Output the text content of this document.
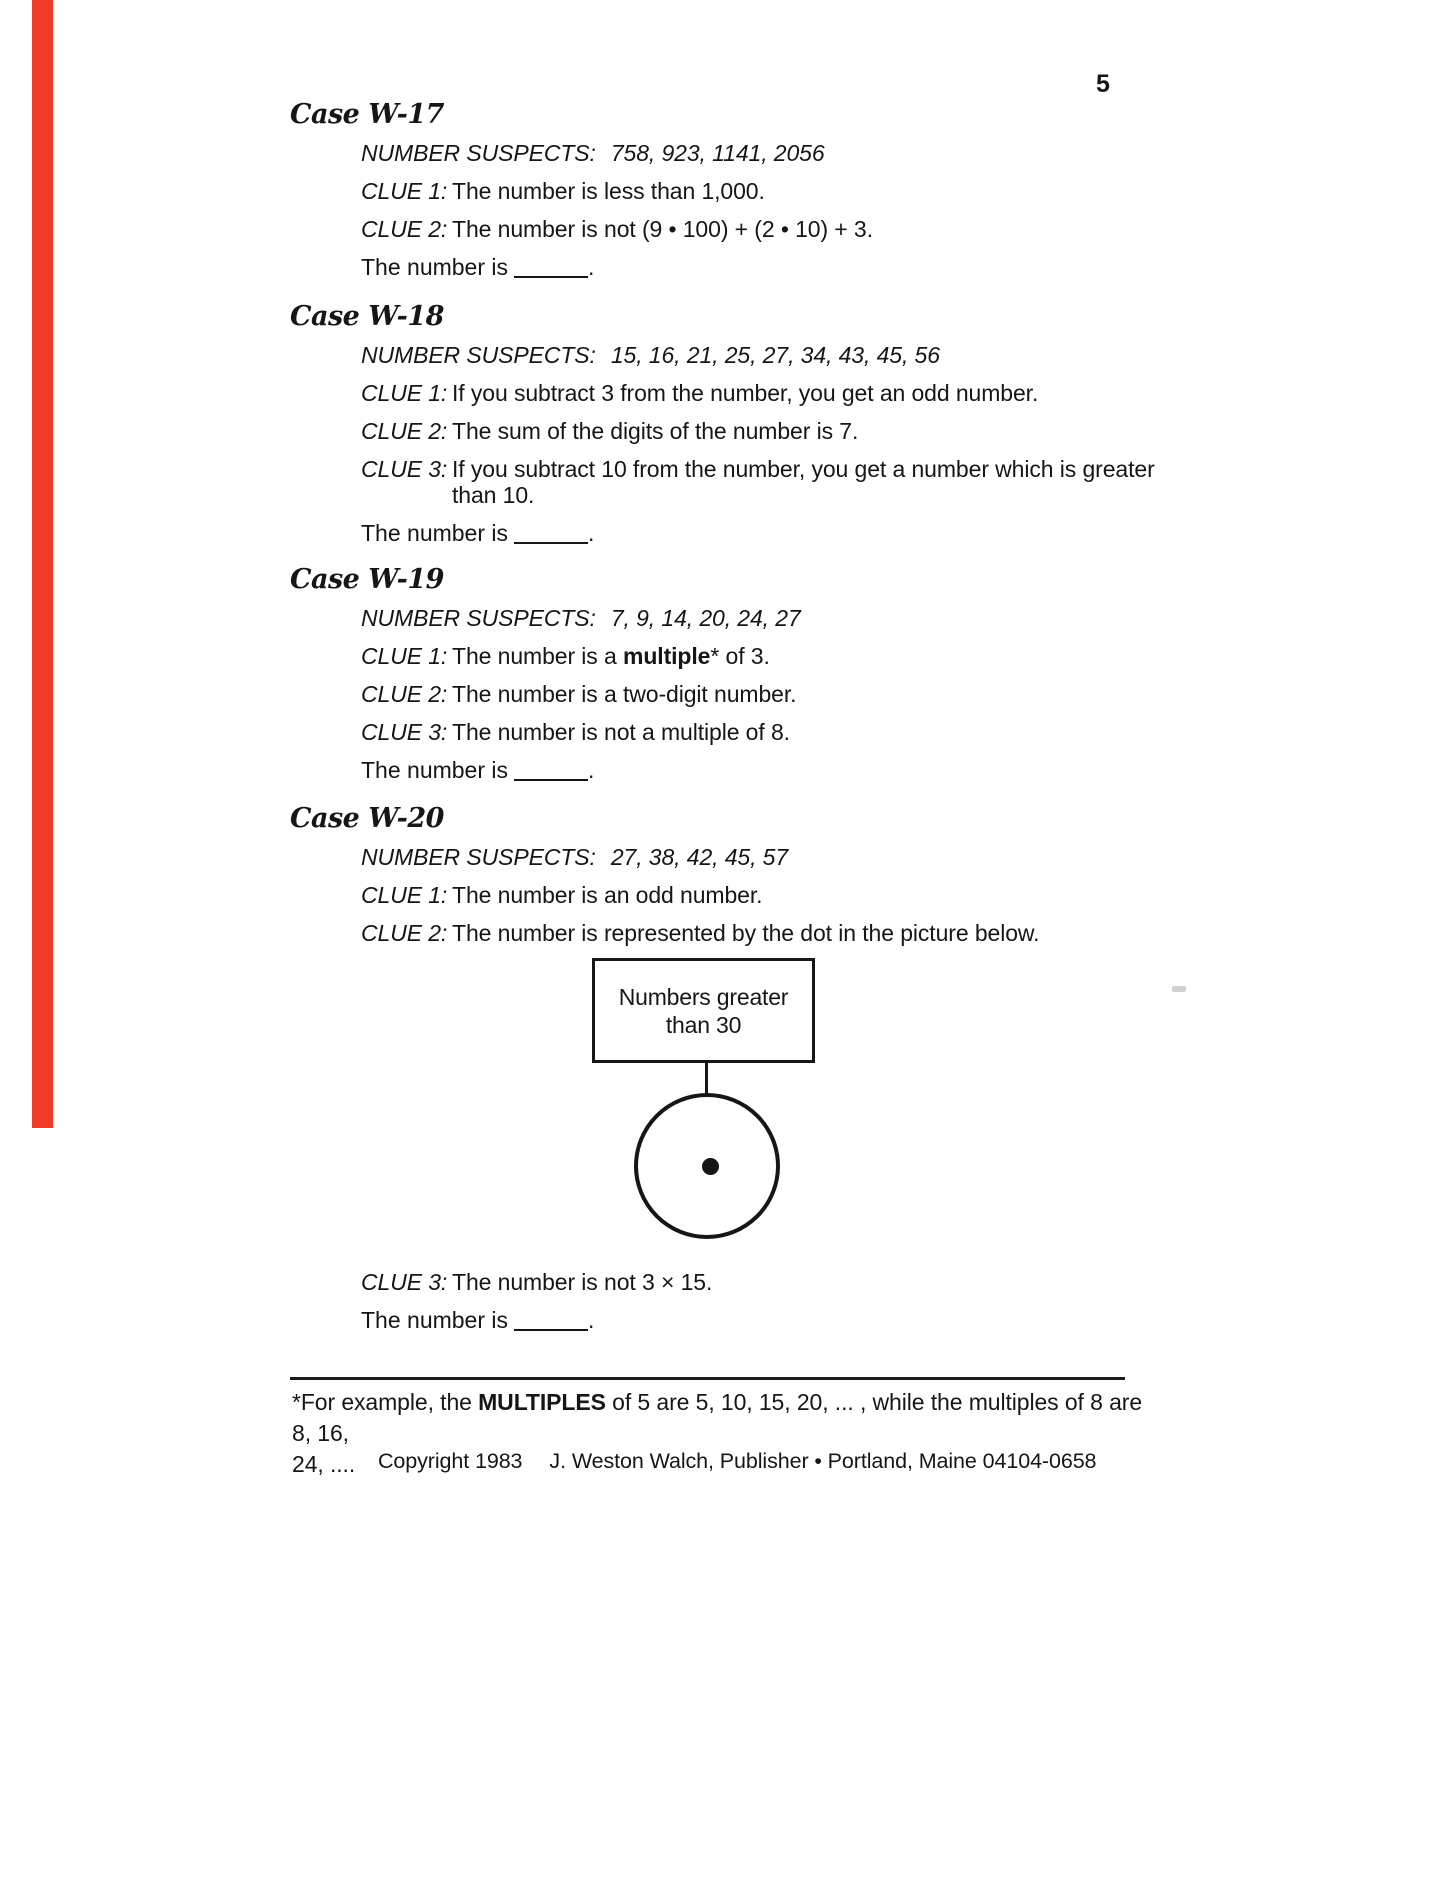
5
Case W-17
NUMBER SUSPECTS: 758, 923, 1141, 2056
CLUE 1: The number is less than 1,000.
CLUE 2: The number is not (9 • 100) + (2 • 10) + 3.
The number is	.
Case W-18
NUMBER SUSPECTS: 15, 16, 21, 25, 27, 34, 43, 45, 56
CLUE 1: If you subtract 3 from the number, you get an odd number.
CLUE 2: The sum of the digits of the number is 7.
CLUE 3: If you subtract 10 from the number, you get a number which is greater
than 10.
The number is	.
Case W-19
NUMBER SUSPECTS: 7, 9, 14, 20, 24, 27
CLUE 1: The number is a multiple* of 3.
CLUE 2: The number is a two-digit number.
CLUE 3: The number is not a multiple of 8.
The number is	.
Case W-20
NUMBER SUSPECTS: 27, 38, 42, 45, 57
CLUE 1: The number is an odd number.
CLUE 2: The number is represented by the dot in the picture below.
Numbers greater
than 30
CLUE 3: The number is not 3 × 15.
The number is	.
*For example, the MULTIPLES of 5 are 5, 10, 15, 20, ... , while the multiples of 8 are 8, 16,
24, ....	Copyright 1983 J. Weston Walch, Publisher • Portland, Maine 04104-0658
